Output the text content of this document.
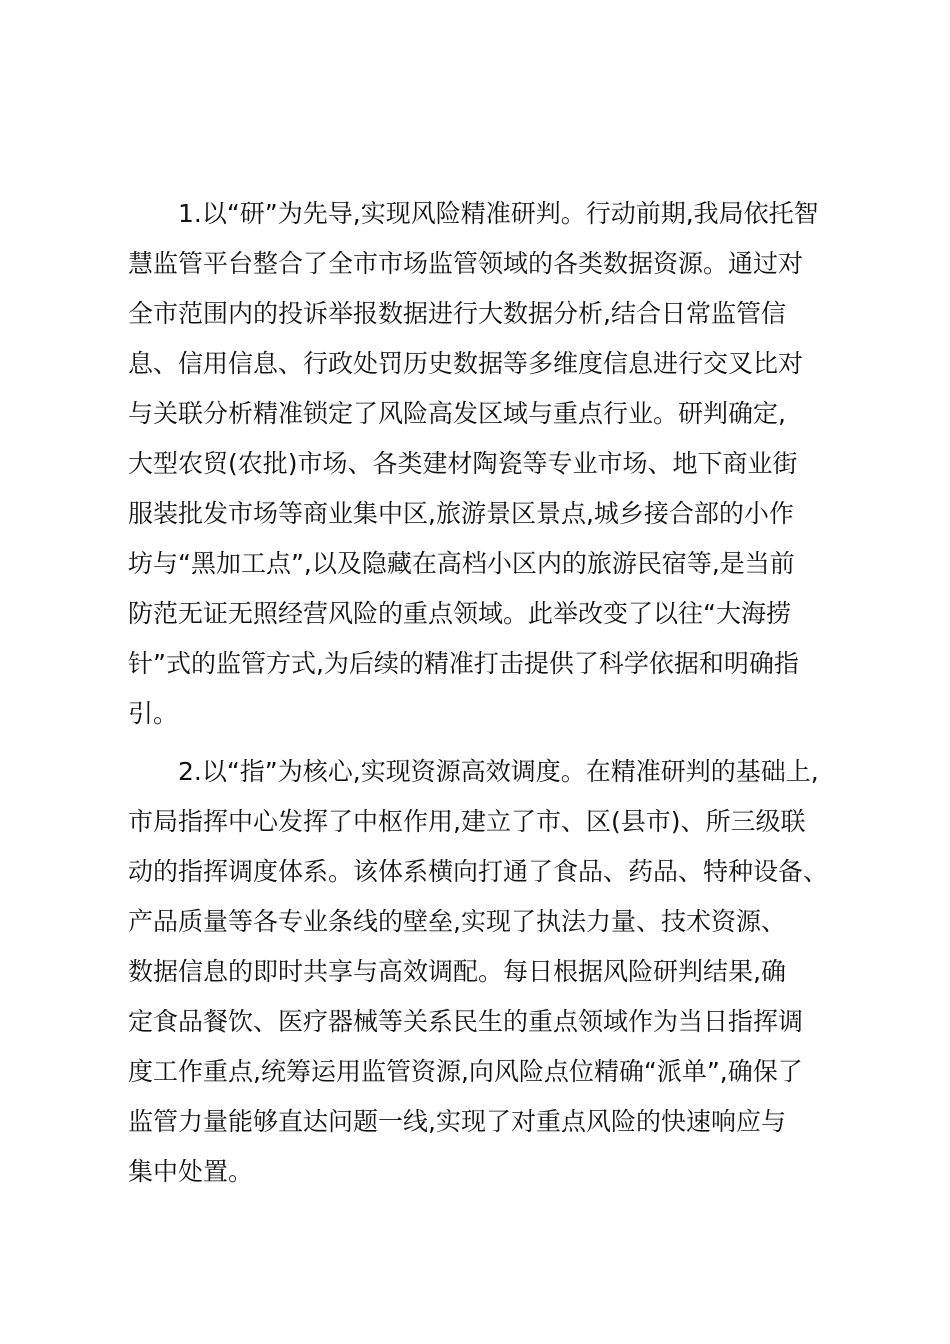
1.以“研”为先导,实现风险精准研判。行动前期,我局依托智
慧监管平台整合了全市市场监管领域的各类数据资源。通过对
全市范围内的投诉举报数据进行大数据分析,结合日常监管信
息、信用信息、行政处罚历史数据等多维度信息进行交叉比对
与关联分析精准锁定了风险高发区域与重点行业。研判确定,
大型农贸(农批)市场、各类建材陶瓷等专业市场、地下商业街
服装批发市场等商业集中区,旅游景区景点,城乡接合部的小作
坊与“黑加工点”,以及隐藏在高档小区内的旅游民宿等,是当前
防范无证无照经营风险的重点领域。此举改变了以往“大海捞
针”式的监管方式,为后续的精准打击提供了科学依据和明确指
引。
2.以“指”为核心,实现资源高效调度。在精准研判的基础上,
市局指挥中心发挥了中枢作用,建立了市、区(县市)、所三级联
动的指挥调度体系。该体系横向打通了食品、药品、特种设备、
产品质量等各专业条线的壁垒,实现了执法力量、技术资源、
数据信息的即时共享与高效调配。每日根据风险研判结果,确
定食品餐饮、医疗器械等关系民生的重点领域作为当日指挥调
度工作重点,统筹运用监管资源,向风险点位精确“派单”,确保了
监管力量能够直达问题一线,实现了对重点风险的快速响应与
集中处置。
